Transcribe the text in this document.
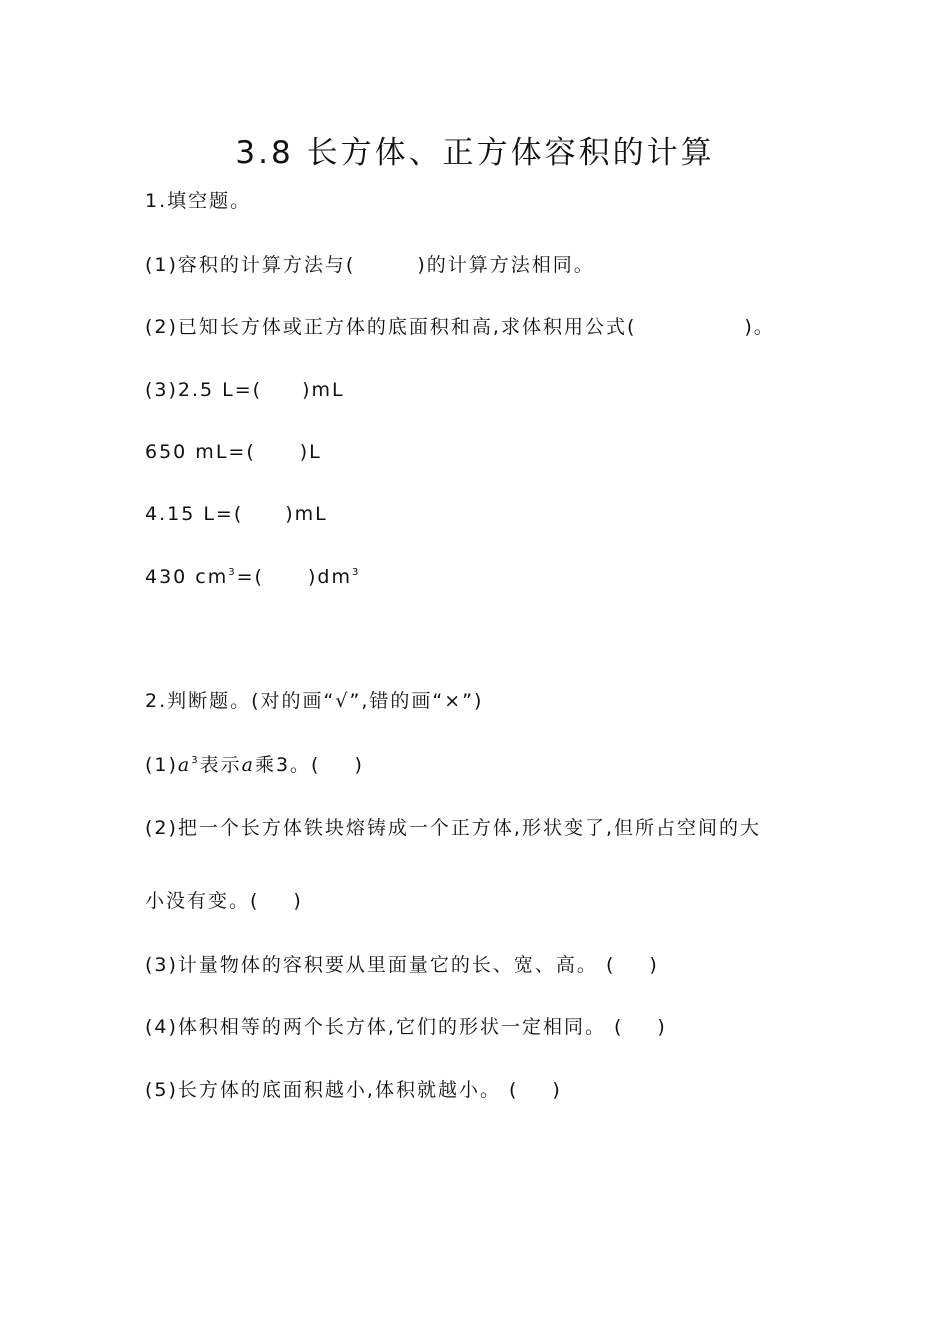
3.8 长方体、正方体容积的计算
1.填空题。
(1)容积的计算方法与(	)的计算方法相同。
(2)已知长方体或正方体的底面积和高,求体积用公式(	)。
(3)2.5 L=( )mL
650 mL=( )L
4.15 L=( )mL
430 $cm^3=$( )$dm^3$
2.判断题。(对的画“√”,错的画“×”)
$(1)a^3$表示a乘3。( )
(2)把一个长方体铁块熔铸成一个正方体,形状变了,但所占空间的大
小没有变。( )
(3)计量物体的容积要从里面量它的长、宽、高。 ( )
(4)体积相等的两个长方体,它们的形状一定相同。 ( )
(5)长方体的底面积越小,体积就越小。 ( )
